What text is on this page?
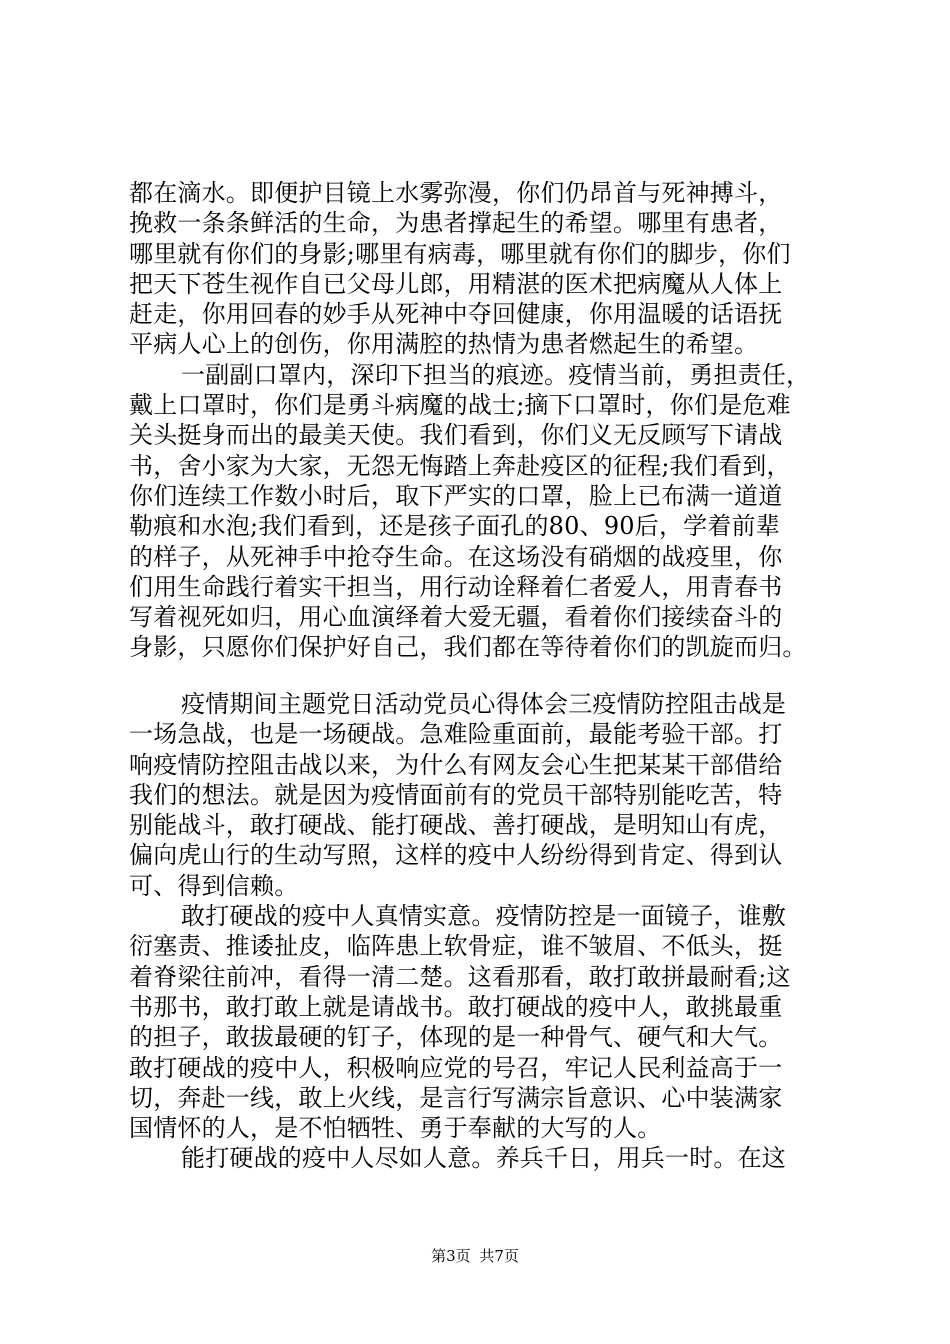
都在滴水。即便护目镜上水雾弥漫，你们仍昂首与死神搏斗，
挽救一条条鲜活的生命，为患者撑起生的希望。哪里有患者，
哪里就有你们的身影;哪里有病毒，哪里就有你们的脚步，你们
把天下苍生视作自已父母儿郎，用精湛的医术把病魔从人体上
赶走，你用回春的妙手从死神中夺回健康，你用温暖的话语抚
平病人心上的创伤，你用满腔的热情为患者燃起生的希望。
一副副口罩内，深印下担当的痕迹。疫情当前，勇担责任，
戴上口罩时，你们是勇斗病魔的战士;摘下口罩时，你们是危难
关头挺身而出的最美天使。我们看到，你们义无反顾写下请战
书，舍小家为大家，无怨无悔踏上奔赴疫区的征程;我们看到，
你们连续工作数小时后，取下严实的口罩，脸上已布满一道道
勒痕和水泡;我们看到，还是孩子面孔的80、90后，学着前辈
的样子，从死神手中抢夺生命。在这场没有硝烟的战疫里，你
们用生命践行着实干担当，用行动诠释着仁者爱人，用青春书
写着视死如归，用心血演绎着大爱无疆，看着你们接续奋斗的
身影，只愿你们保护好自己，我们都在等待着你们的凯旋而归。
疫情期间主题党日活动党员心得体会三疫情防控阻击战是
一场急战，也是一场硬战。急难险重面前，最能考验干部。打
响疫情防控阻击战以来，为什么有网友会心生把某某干部借给
我们的想法。就是因为疫情面前有的党员干部特别能吃苦，特
别能战斗，敢打硬战、能打硬战、善打硬战，是明知山有虎，
偏向虎山行的生动写照，这样的疫中人纷纷得到肯定、得到认
可、得到信赖。
敢打硬战的疫中人真情实意。疫情防控是一面镜子，谁敷
衍塞责、推诿扯皮，临阵患上软骨症，谁不皱眉、不低头，挺
着脊梁往前冲，看得一清二楚。这看那看，敢打敢拼最耐看;这
书那书，敢打敢上就是请战书。敢打硬战的疫中人，敢挑最重
的担子，敢拔最硬的钉子，体现的是一种骨气、硬气和大气。
敢打硬战的疫中人，积极响应党的号召，牢记人民利益高于一
切，奔赴一线，敢上火线，是言行写满宗旨意识、心中装满家
国情怀的人，是不怕牺牲、勇于奉献的大写的人。
能打硬战的疫中人尽如人意。养兵千日，用兵一时。在这
第3页 共7页
